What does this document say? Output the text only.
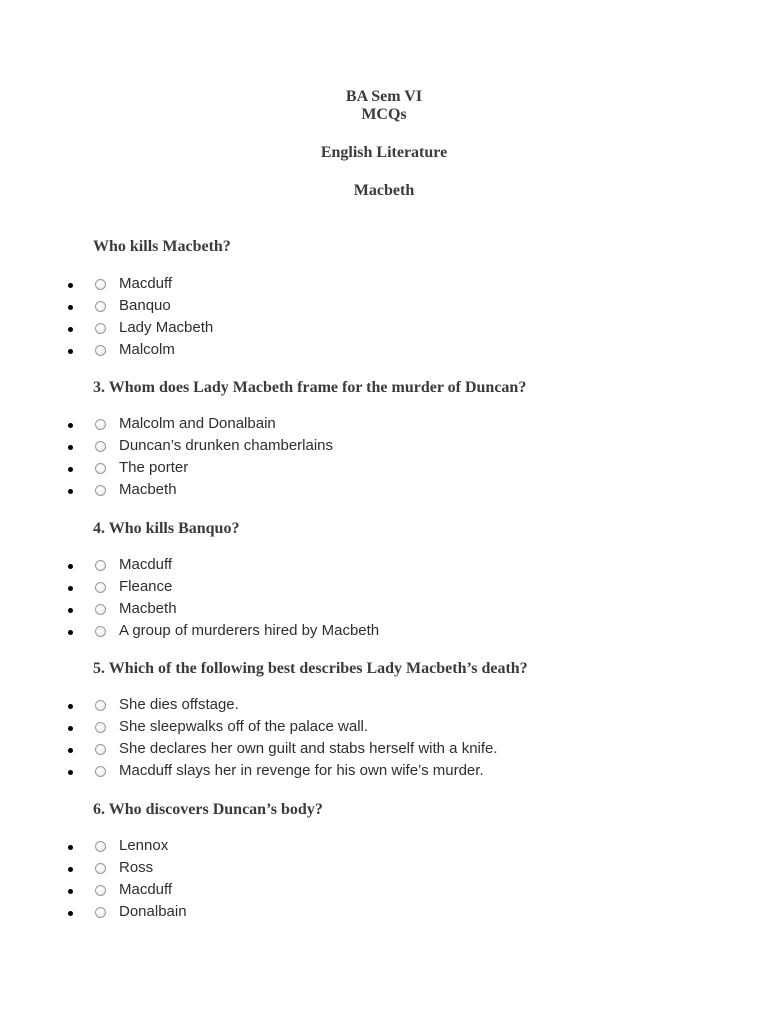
BA Sem VI
MCQs
English Literature
Macbeth
Who kills Macbeth?
Macduff
Banquo
Lady Macbeth
Malcolm
3. Whom does Lady Macbeth frame for the murder of Duncan?
Malcolm and Donalbain
Duncan’s drunken chamberlains
The porter
Macbeth
4. Who kills Banquo?
Macduff
Fleance
Macbeth
A group of murderers hired by Macbeth
5. Which of the following best describes Lady Macbeth’s death?
She dies offstage.
She sleepwalks off of the palace wall.
She declares her own guilt and stabs herself with a knife.
Macduff slays her in revenge for his own wife’s murder.
6. Who discovers Duncan’s body?
Lennox
Ross
Macduff
Donalbain
